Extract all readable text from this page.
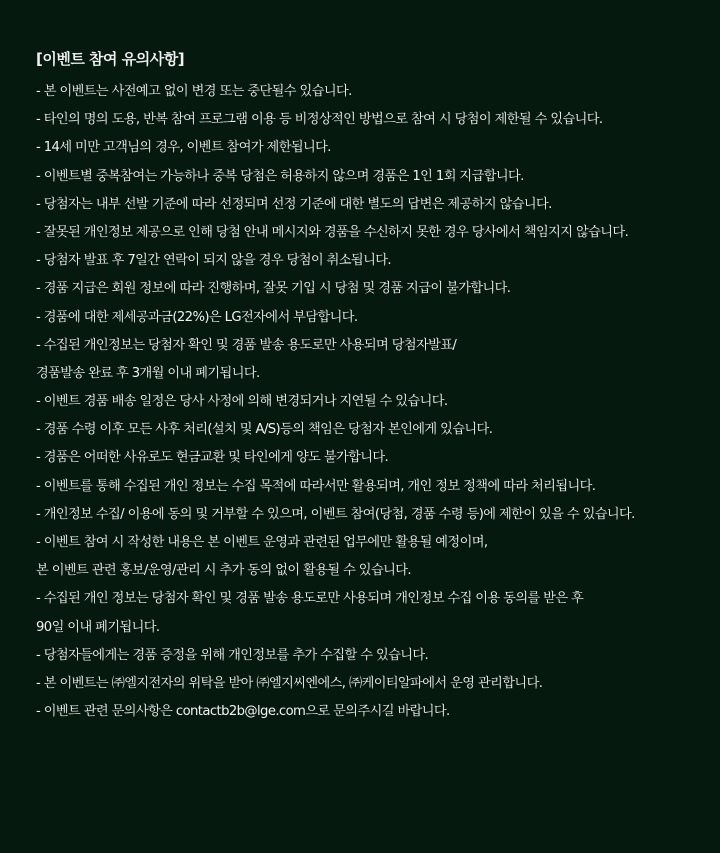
[이벤트 참여 유의사항]
- 본 이벤트는 사전예고 없이 변경 또는 중단될수 있습니다.
- 타인의 명의 도용, 반복 참여 프로그램 이용 등 비정상적인 방법으로 참여 시 당첨이 제한될 수 있습니다.
- 14세 미만 고객님의 경우, 이벤트 참여가 제한됩니다.
- 이벤트별 중복참여는 가능하나 중복 당첨은 허용하지 않으며 경품은 1인 1회 지급합니다.
- 당첨자는 내부 선발 기준에 따라 선정되며 선정 기준에 대한 별도의 답변은 제공하지 않습니다.
- 잘못된 개인정보 제공으로 인해 당첨 안내 메시지와 경품을 수신하지 못한 경우 당사에서 책임지지 않습니다.
- 당첨자 발표 후 7일간 연락이 되지 않을 경우 당첨이 취소됩니다.
- 경품 지급은 회원 정보에 따라 진행하며, 잘못 기입 시 당첨 및 경품 지급이 불가합니다.
- 경품에 대한 제세공과금(22%)은 LG전자에서 부담합니다.
- 수집된 개인정보는 당첨자 확인 및 경품 발송 용도로만 사용되며 당첨자발표/
경품발송 완료 후 3개월 이내 폐기됩니다.
- 이벤트 경품 배송 일정은 당사 사정에 의해 변경되거나 지연될 수 있습니다.
- 경품 수령 이후 모든 사후 처리(설치 및 A/S)등의 책임은 당첨자 본인에게 있습니다.
- 경품은 어떠한 사유로도 현금교환 및 타인에게 양도 불가합니다.
- 이벤트를 통해 수집된 개인 정보는 수집 목적에 따라서만 활용되며, 개인 정보 정책에 따라 처리됩니다.
- 개인정보 수집/ 이용에 동의 및 거부할 수 있으며, 이벤트 참여(당첨, 경품 수령 등)에 제한이 있을 수 있습니다.
- 이벤트 참여 시 작성한 내용은 본 이벤트 운영과 관련된 업무에만 활용될 예정이며,
본 이벤트 관련 홍보/운영/관리 시 추가 동의 없이 활용될 수 있습니다.
- 수집된 개인 정보는 당첨자 확인 및 경품 발송 용도로만 사용되며 개인정보 수집 이용 동의를 받은 후
90일 이내 폐기됩니다.
- 당첨자들에게는 경품 증정을 위해 개인정보를 추가 수집할 수 있습니다.
- 본 이벤트는 ㈜엘지전자의 위탁을 받아 ㈜엘지씨엔에스, ㈜케이티알파에서 운영 관리합니다.
- 이벤트 관련 문의사항은 contactb2b@lge.com으로 문의주시길 바랍니다.
